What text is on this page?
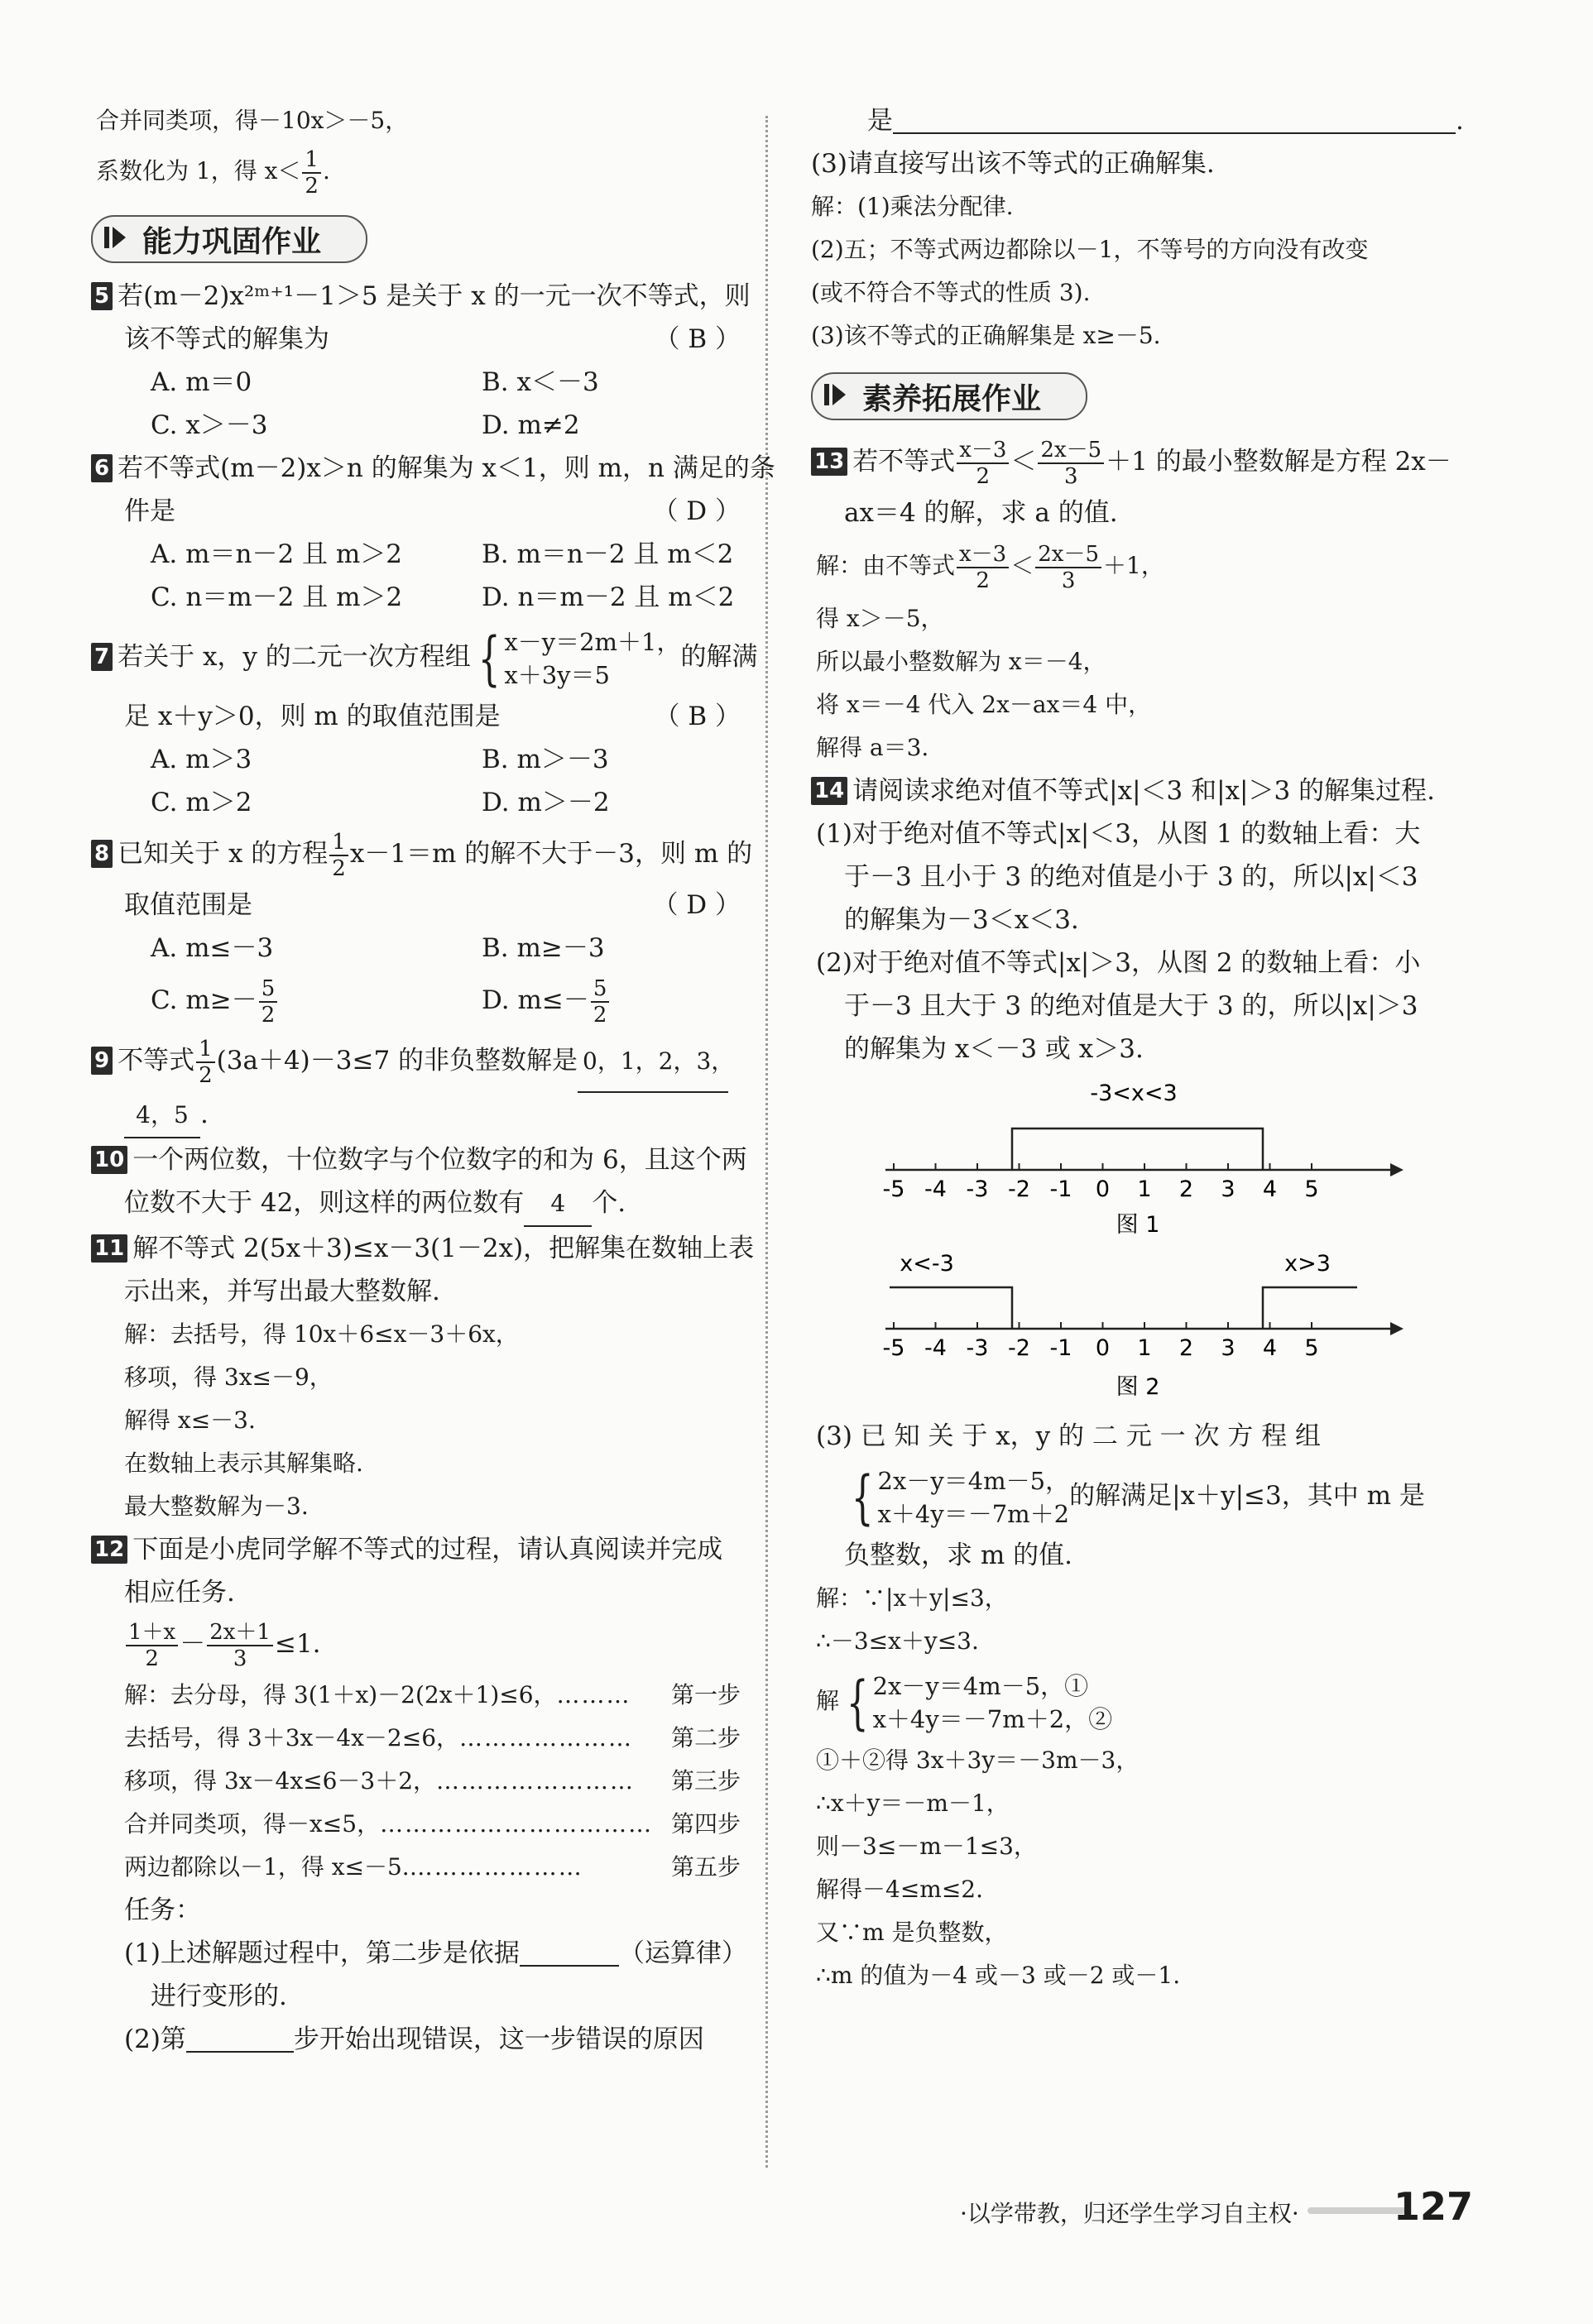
合并同类项，得－10x＞－5，
系数化为 1，得 $x< \frac{1}{2}$ .
能力巩固作业
5 若(m－2)x²ᵐ⁺¹－1＞5 是关于 x 的一元一次不等式，则
该不等式的解集为	（ B ）
A. m＝0	B. x＜－3
C. x＞－3	D. m≠2
6 若不等式(m－2)x＞n 的解集为 x＜1，则 m，n 满足的条
件是	（ D ）
A. m＝n－2 且 m＞2	B. m＝n－2 且 m＜2
C. n＝m－2 且 m＞2	D. n＝m－2 且 m＜2
7 若关于 x，y 的二元一次方程组 { x－y＝2m＋1，
x＋3y＝5
的解满
足 x＋y＞0，则 m 的取值范围是	（ B ）
A. m＞3	B. m＞－3
C. m＞2	D. m＞－2
8 已知关于 x 的方程 $\frac{1}{2} x-1=m$ 的解不大于－3，则 m 的
取值范围是	（ D ）
A. m≤－3	B. m≥－3
C. $m\ge- \frac{5}{2}$	D. $m\le- \frac{5}{2}$
9 不等式 $\frac{1}{2} (3a+4)-3\le 7$ 的非负整数解是 0，1，2，3，
4，5 .
10 一个两位数，十位数字与个位数字的和为 6，且这个两
位数不大于 42，则这样的两位数有 4 个.
11 解不等式 2(5x＋3)≤x－3(1－2x)，把解集在数轴上表
示出来，并写出最大整数解.
解：去括号，得 10x＋6≤x－3＋6x，
移项，得 3x≤－9，
解得 x≤－3.
在数轴上表示其解集略.
最大整数解为－3.
12 下面是小虎同学解不等式的过程，请认真阅读并完成
相应任务.
$\frac{1+x}{2} - \frac{2x+1}{3} \le 1$.
解：去分母，得 3(1＋x)－2(2x＋1)≤6，……… 第一步
去括号，得 3＋3x－4x－2≤6，………………… 第二步
移项，得 3x－4x≤6－3＋2，…………………… 第三步
合并同类项，得－x≤5，…………………………… 第四步
两边都除以－1，得 x≤－5.…………………	第五步
任务：
(1)上述解题过程中，第二步是依据	（运算律）
进行变形的.
(2)第	步开始出现错误，这一步错误的原因
是	.
(3)请直接写出该不等式的正确解集.
解：(1)乘法分配律.
(2)五；不等式两边都除以－1，不等号的方向没有改变
(或不符合不等式的性质 3).
(3)该不等式的正确解集是 x≥－5.
素养拓展作业
13 若不等式 $\frac{x-3}{2} < \frac{2x-5}{3} +1$ 的最小整数解是方程 2x－
ax＝4 的解，求 a 的值.
解：由不等式 $\frac{x-3}{2} < \frac{2x-5}{3} +1$，
得 x＞－5，
所以最小整数解为 x＝－4，
将 x＝－4 代入 2x－ax＝4 中，
解得 a＝3.
14 请阅读求绝对值不等式|x|＜3 和|x|＞3 的解集过程.
(1)对于绝对值不等式|x|＜3，从图 1 的数轴上看：大
于－3 且小于 3 的绝对值是小于 3 的，所以|x|＜3
的解集为－3＜x＜3.
(2)对于绝对值不等式|x|＞3，从图 2 的数轴上看：小
于－3 且大于 3 的绝对值是大于 3 的，所以|x|＞3
的解集为 x＜－3 或 x＞3.
-3<x<3
-5 -4 -3 -2 -1 0 1 2 3 4 5
图 1
x<-3	x>3
-5 -4 -3 -2 -1 0 1 2 3 4 5
图 2
(3) 已 知 关 于 x，y 的 二 元 一 次 方 程 组
{ 2x－y＝4m－5，
x＋4y＝－7m＋2
的解满足|x＋y|≤3，其中 m 是
负整数，求 m 的值.
解：∵|x＋y|≤3，
∴－3≤x＋y≤3.
解 { 2x－y＝4m－5，①
x＋4y＝－7m＋2，②
①＋②得 3x＋3y＝－3m－3，
∴x＋y＝－m－1，
则－3≤－m－1≤3，
解得－4≤m≤2.
又∵m 是负整数，
∴m 的值为－4 或－3 或－2 或－1.
·以学带教，归还学生学习自主权· 127
